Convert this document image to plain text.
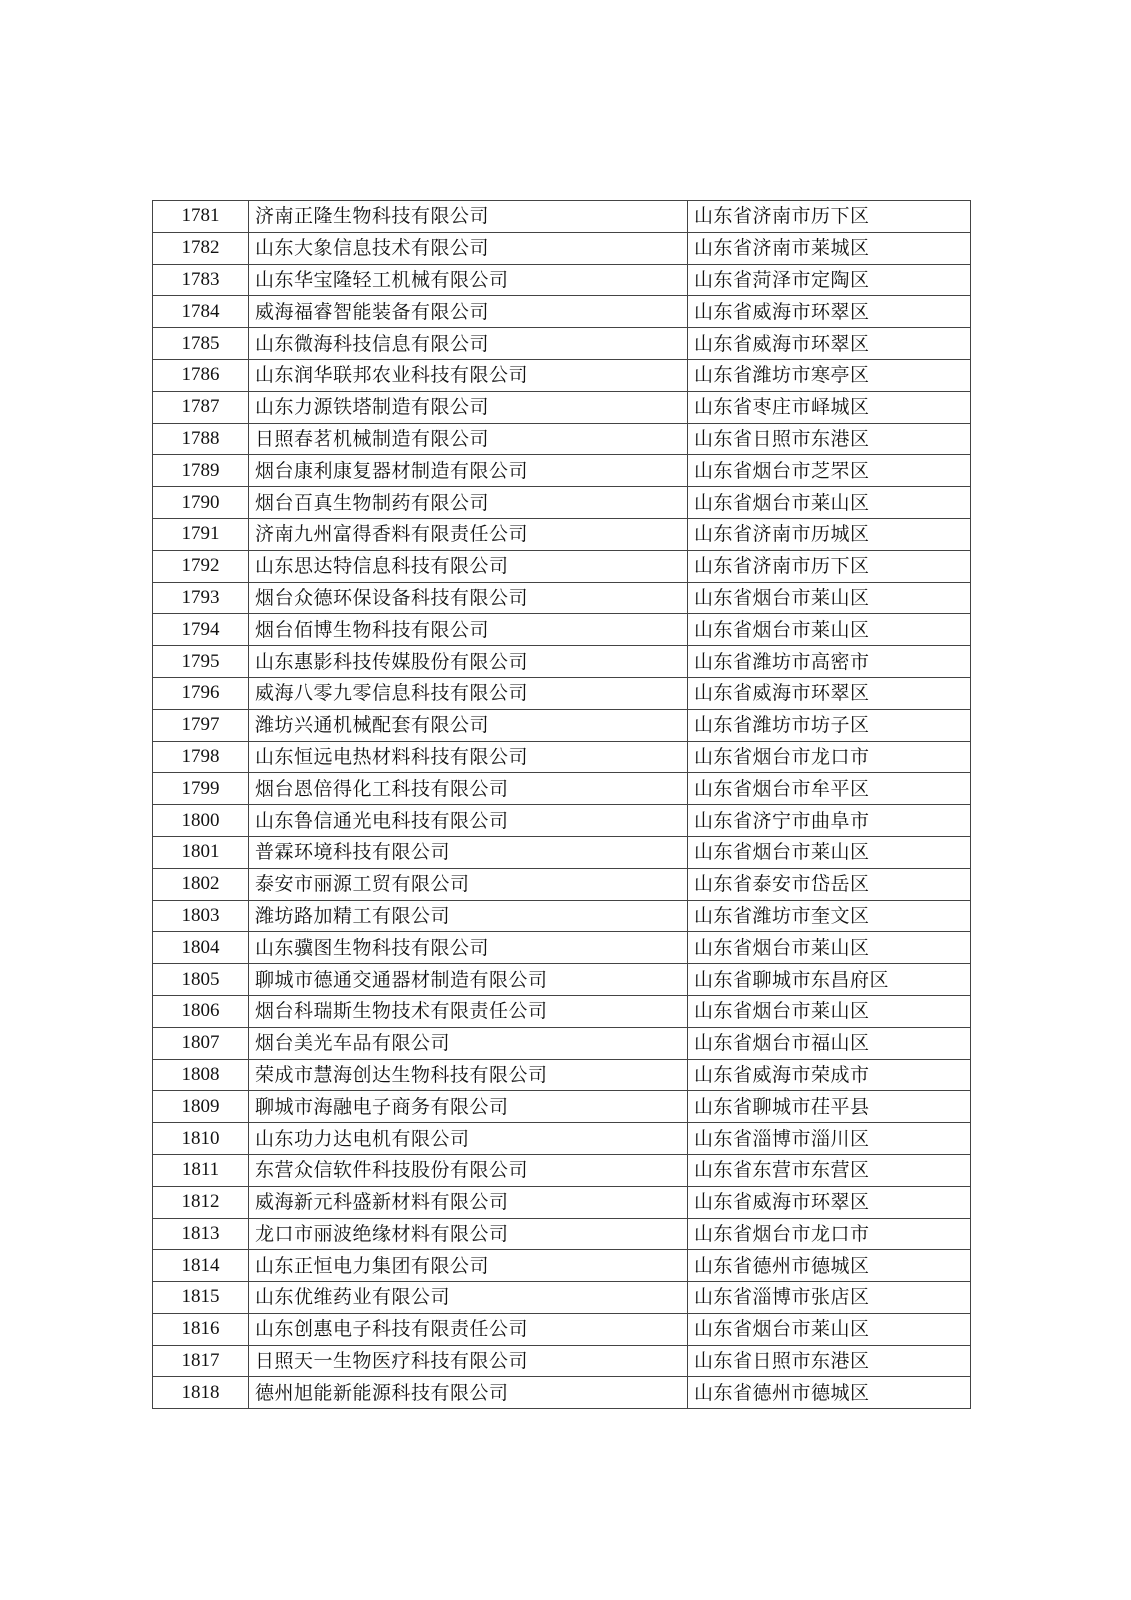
1781	济南正隆生物科技有限公司	山东省济南市历下区
1782	山东大象信息技术有限公司	山东省济南市莱城区
1783	山东华宝隆轻工机械有限公司	山东省菏泽市定陶区
1784	威海福睿智能装备有限公司	山东省威海市环翠区
1785	山东微海科技信息有限公司	山东省威海市环翠区
1786	山东润华联邦农业科技有限公司	山东省潍坊市寒亭区
1787	山东力源铁塔制造有限公司	山东省枣庄市峄城区
1788	日照春茗机械制造有限公司	山东省日照市东港区
1789	烟台康利康复器材制造有限公司	山东省烟台市芝罘区
1790	烟台百真生物制药有限公司	山东省烟台市莱山区
1791	济南九州富得香料有限责任公司	山东省济南市历城区
1792	山东思达特信息科技有限公司	山东省济南市历下区
1793	烟台众德环保设备科技有限公司	山东省烟台市莱山区
1794	烟台佰博生物科技有限公司	山东省烟台市莱山区
1795	山东惠影科技传媒股份有限公司	山东省潍坊市高密市
1796	威海八零九零信息科技有限公司	山东省威海市环翠区
1797	潍坊兴通机械配套有限公司	山东省潍坊市坊子区
1798	山东恒远电热材料科技有限公司	山东省烟台市龙口市
1799	烟台恩倍得化工科技有限公司	山东省烟台市牟平区
1800	山东鲁信通光电科技有限公司	山东省济宁市曲阜市
1801	普霖环境科技有限公司	山东省烟台市莱山区
1802	泰安市丽源工贸有限公司	山东省泰安市岱岳区
1803	潍坊路加精工有限公司	山东省潍坊市奎文区
1804	山东骥图生物科技有限公司	山东省烟台市莱山区
1805	聊城市德通交通器材制造有限公司	山东省聊城市东昌府区
1806	烟台科瑞斯生物技术有限责任公司	山东省烟台市莱山区
1807	烟台美光车品有限公司	山东省烟台市福山区
1808	荣成市慧海创达生物科技有限公司	山东省威海市荣成市
1809	聊城市海融电子商务有限公司	山东省聊城市茌平县
1810	山东功力达电机有限公司	山东省淄博市淄川区
1811	东营众信软件科技股份有限公司	山东省东营市东营区
1812	威海新元科盛新材料有限公司	山东省威海市环翠区
1813	龙口市丽波绝缘材料有限公司	山东省烟台市龙口市
1814	山东正恒电力集团有限公司	山东省德州市德城区
1815	山东优维药业有限公司	山东省淄博市张店区
1816	山东创惠电子科技有限责任公司	山东省烟台市莱山区
1817	日照天一生物医疗科技有限公司	山东省日照市东港区
1818	德州旭能新能源科技有限公司	山东省德州市德城区
